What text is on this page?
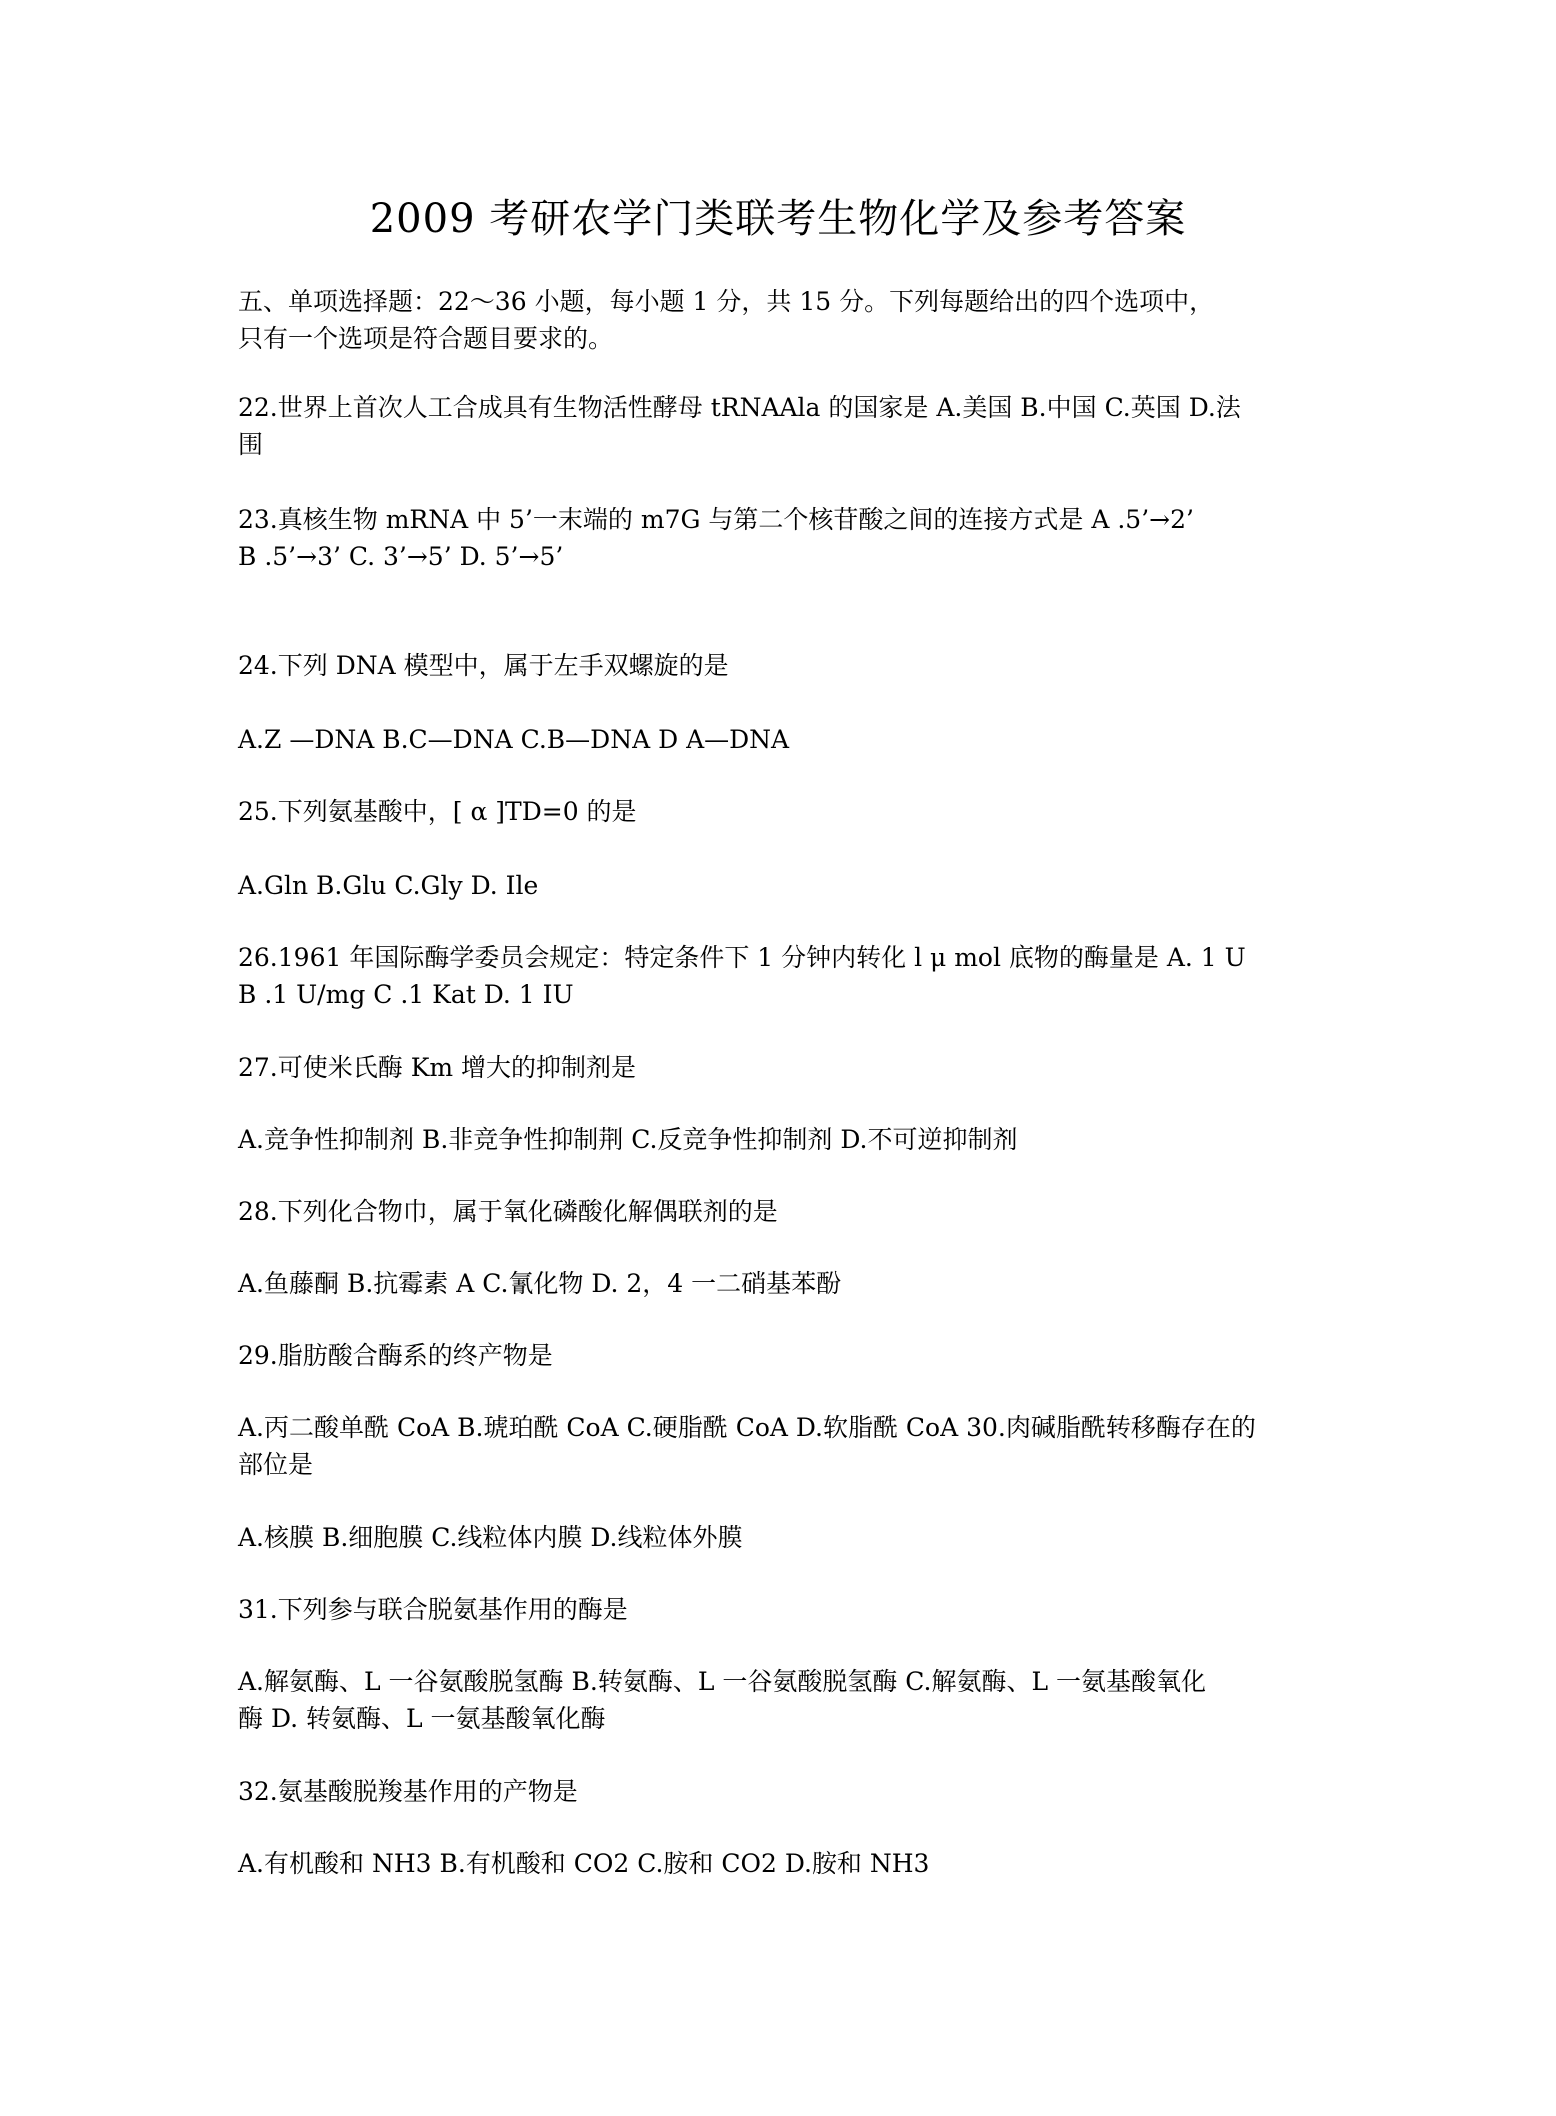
2009 考研农学门类联考生物化学及参考答案
五、单项选择题：22～36 小题，每小题 1 分，共 15 分。下列每题给出的四个选项中，
只有一个选项是符合题目要求的。
22.世界上首次人工合成具有生物活性酵母 tRNAAla 的国家是 A.美国 B.中国 C.英国 D.法
围
23.真核生物 mRNA 中 5’一末端的 m7G 与第二个核苷酸之间的连接方式是 A .5’→2’
B .5’→3’ C. 3’→5’ D. 5’→5’
24.下列 DNA 模型中，属于左手双螺旋的是
A.Z —DNA B.C—DNA C.B—DNA D A—DNA
25.下列氨基酸中，[ α ]TD=0 的是
A.Gln B.Glu C.Gly D. Ile
26.1961 年国际酶学委员会规定：特定条件下 1 分钟内转化 l μ mol 底物的酶量是 A. 1 U
B .1 U/mg C .1 Kat D. 1 IU
27.可使米氏酶 Km 增大的抑制剂是
A.竞争性抑制剂 B.非竞争性抑制荆 C.反竞争性抑制剂 D.不可逆抑制剂
28.下列化合物巾，属于氧化磷酸化解偶联剂的是
A.鱼藤酮 B.抗霉素 A C.氰化物 D. 2，4 一二硝基苯酚
29.脂肪酸合酶系的终产物是
A.丙二酸单酰 CoA B.琥珀酰 CoA C.硬脂酰 CoA D.软脂酰 CoA 30.肉碱脂酰转移酶存在的
部位是
A.核膜 B.细胞膜 C.线粒体内膜 D.线粒体外膜
31.下列参与联合脱氨基作用的酶是
A.解氨酶、L 一谷氨酸脱氢酶 B.转氨酶、L 一谷氨酸脱氢酶 C.解氨酶、L 一氨基酸氧化
酶 D. 转氨酶、L 一氨基酸氧化酶
32.氨基酸脱羧基作用的产物是
A.有机酸和 NH3 B.有机酸和 CO2 C.胺和 CO2 D.胺和 NH3
